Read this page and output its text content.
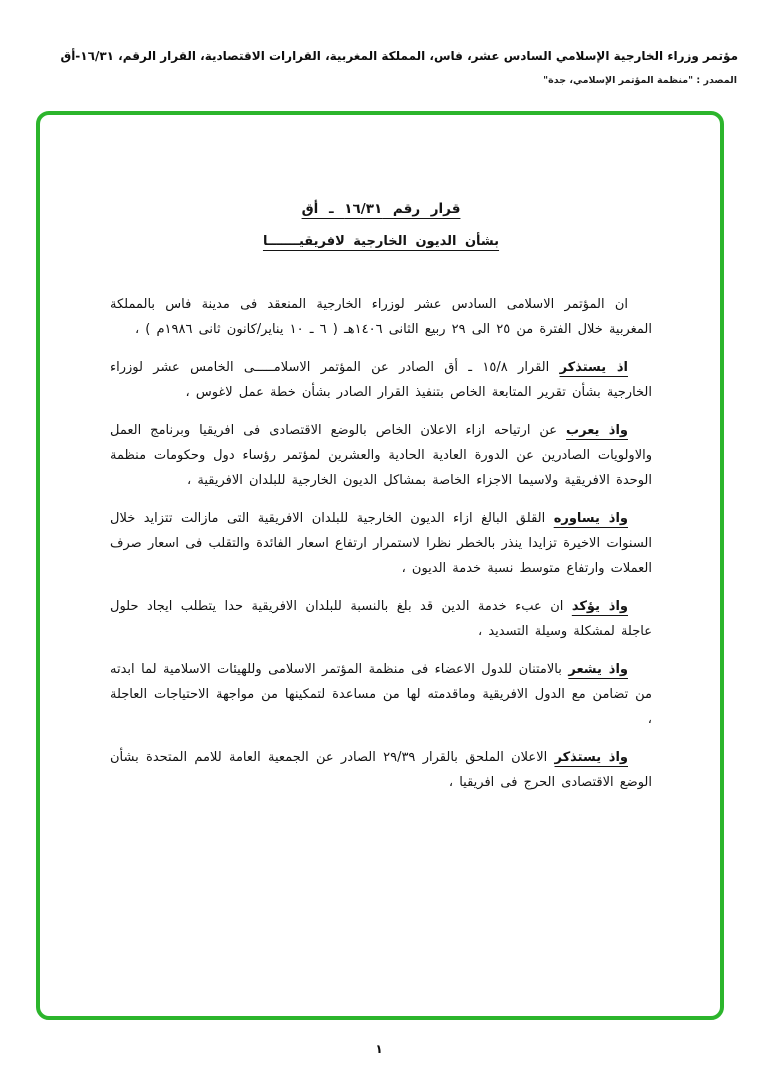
مؤتمر وزراء الخارجية الإسلامي السادس عشر، فاس، المملكة المغربية، القرارات الاقتصادية، القرار الرقم، ١٦/٣١-أق
المصدر : "منظمة المؤتمر الإسلامي، جدة"
قرار رقم ١٦/٣١ ـ أق
بشأن الديون الخارجية لافريقيـــــــا

ان المؤتمر الاسلامى السادس عشر لوزراء الخارجية المنعقد فى مدينة فاس بالمملكة المغربية خلال الفترة من ٢٥ الى ٢٩ ربيع الثانى ١٤٠٦هـ ( ٦ ـ ١٠ يناير/كانون ثانى ١٩٨٦م ) ،

اذ يستذكر القرار ١٥/٨ ـ أق الصادر عن المؤتمر الاسلامـــــى الخامس عشر لوزراء الخارجية بشأن تقرير المتابعة الخاص بتنفيذ القرار الصادر بشأن خطة عمل لاغوس ،

واذ يعرب عن ارتياحه ازاء الاعلان الخاص بالوضع الاقتصادى فى افريقيا وبرنامج العمل والاولويات الصادرين عن الدورة العادية الحادية والعشرين لمؤتمر رؤساء دول وحكومات منظمة الوحدة الافريقية ولاسيما الاجزاء الخاصة بمشاكل الديون الخارجية للبلدان الافريقية ،

واذ يساوره القلق البالغ ازاء الديون الخارجية للبلدان الافريقية التى مازالت تتزايد خلال السنوات الاخيرة تزايدا ينذر بالخطر نظرا لاستمرار ارتفاع اسعار الفائدة والتقلب فى اسعار صرف العملات وارتفاع متوسط نسبة خدمة الديون ،

واذ يؤكد ان عبء خدمة الدين قد بلغ بالنسبة للبلدان الافريقية حدا يتطلب ايجاد حلول عاجلة لمشكلة وسيلة التسديد ،

واذ يشعر بالامتنان للدول الاعضاء فى منظمة المؤتمر الاسلامى وللهيئات الاسلامية لما ابدته من تضامن مع الدول الافريقية وماقدمته لها من مساعدة لتمكينها من مواجهة الاحتياجات العاجلة ،

واذ يستذكر الاعلان الملحق بالقرار ٢٩/٣٩ الصادر عن الجمعية العامة للامم المتحدة بشأن الوضع الاقتصادى الحرج فى افريقيا ،

١
